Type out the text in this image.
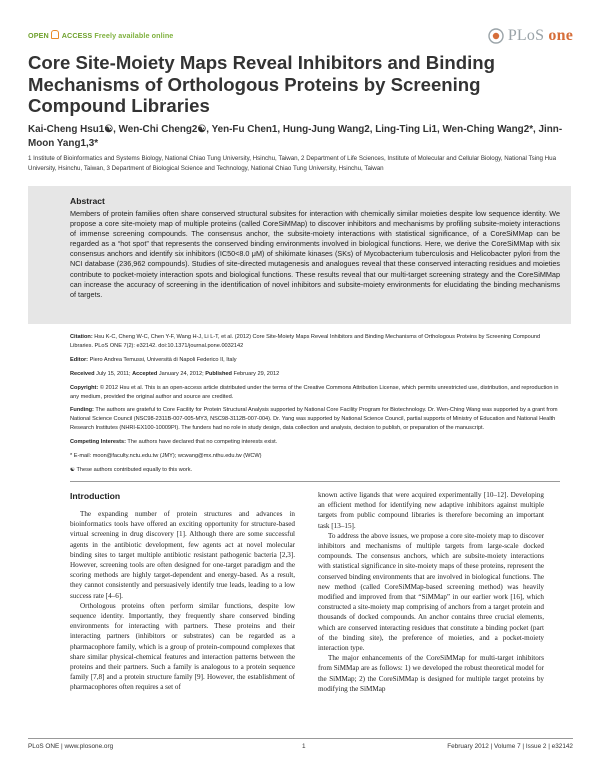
OPEN ACCESS Freely available online	PLoS one
Core Site-Moiety Maps Reveal Inhibitors and Binding Mechanisms of Orthologous Proteins by Screening Compound Libraries
Kai-Cheng Hsu1☯, Wen-Chi Cheng2☯, Yen-Fu Chen1, Hung-Jung Wang2, Ling-Ting Li1, Wen-Ching Wang2*, Jinn-Moon Yang1,3*
1 Institute of Bioinformatics and Systems Biology, National Chiao Tung University, Hsinchu, Taiwan, 2 Department of Life Sciences, Institute of Molecular and Cellular Biology, National Tsing Hua University, Hsinchu, Taiwan, 3 Department of Biological Science and Technology, National Chiao Tung University, Hsinchu, Taiwan
Abstract
Members of protein families often share conserved structural subsites for interaction with chemically similar moieties despite low sequence identity. We propose a core site-moiety map of multiple proteins (called CoreSiMMap) to discover inhibitors and mechanisms by profiling subsite-moiety interactions of immense screening compounds. The consensus anchor, the subsite-moiety interactions with statistical significance, of a CoreSiMMap can be regarded as a “hot spot” that represents the conserved binding environments involved in biological functions. Here, we derive the CoreSiMMap with six consensus anchors and identify six inhibitors (IC50<8.0 μM) of shikimate kinases (SKs) of Mycobacterium tuberculosis and Helicobacter pylori from the NCI database (236,962 compounds). Studies of site-directed mutagenesis and analogues reveal that these conserved interacting residues and moieties contribute to pocket-moiety interaction spots and biological functions. These results reveal that our multi-target screening strategy and the CoreSiMMap can increase the accuracy of screening in the identification of novel inhibitors and subsite-moiety environments for elucidating the binding mechanisms of targets.

Citation: Hsu K-C, Cheng W-C, Chen Y-F, Wang H-J, Li L-T, et al. (2012) Core Site-Moiety Maps Reveal Inhibitors and Binding Mechanisms of Orthologous Proteins by Screening Compound Libraries. PLoS ONE 7(2): e32142. doi:10.1371/journal.pone.0032142

Editor: Piero Andrea Temussi, Università di Napoli Federico II, Italy

Received July 15, 2011; Accepted January 24, 2012; Published February 29, 2012

Copyright: © 2012 Hsu et al. This is an open-access article distributed under the terms of the Creative Commons Attribution License, which permits unrestricted use, distribution, and reproduction in any medium, provided the original author and source are credited.

Funding: The authors are grateful to Core Facility for Protein Structural Analysis supported by National Core Facility Program for Biotechnology. Dr. Wen-Ching Wang was supported by a grant from National Science Council (NSC98-2311B-007-005-MY3, NSC98-3112B-007-004). Dr. Yang was supported by National Science Council, partial supports of Ministry of Education and National Health Research Institutes (NHRI-EX100-10009PI). The funders had no role in study design, data collection and analysis, decision to publish, or preparation of the manuscript.

Competing Interests: The authors have declared that no competing interests exist.

* E-mail: moon@faculty.nctu.edu.tw (JMY); wcwang@mx.nthu.edu.tw (WCW)

☯ These authors contributed equally to this work.

Introduction

The expanding number of protein structures and advances in bioinformatics tools have offered an exciting opportunity for structure-based virtual screening in drug discovery [1]. Although there are some successful agents in the antibiotic development, few agents act at novel molecular binding sites to target multiple antibiotic resistant pathogenic bacteria [2,3]. However, screening tools are often designed for one-target paradigm and the scoring methods are highly target-dependent and energy-based. As a result, they cannot consistently and persuasively identify true leads, leading to a low success rate [4–6].

Orthologous proteins often perform similar functions, despite low sequence identity. Importantly, they frequently share conserved binding environments for interacting with partners. These proteins and their interacting partners (inhibitors or substrates) can be regarded as a pharmacophore family, which is a group of protein-compound complexes that share similar physical-chemical features and interaction patterns between the proteins and their partners. Such a family is analogous to a protein sequence family [7,8] and a protein structure family [9]. However, the establishment of pharmacophores often requires a set of

known active ligands that were acquired experimentally [10–12]. Developing an efficient method for identifying new adaptive inhibitors against multiple targets from public compound libraries is therefore becoming an important task [13–15].

To address the above issues, we propose a core site-moiety map to discover inhibitors and mechanisms of multiple targets from large-scale docked compounds. The consensus anchors, which are subsite-moiety interactions with statistical significance in site-moiety maps of these proteins, represent the conserved binding environments that are involved in biological functions. The new method (called CoreSiMMap-based screening method) was heavily modified and improved from that “SiMMap” in our earlier work [16], which constructed a site-moiety map comprising of anchors from a target protein and thousands of docked compounds. An anchor contains three crucial elements, which are conserved interacting residues that constitute a binding pocket (part of the binding site), the preference of moieties, and a pocket-moiety interaction type.

The major enhancements of the CoreSiMMap for multi-target inhibitors from SiMMap are as follows: 1) we developed the robust theoretical model for the SiMMap; 2) the CoreSiMMap is designed for multiple target proteins by modifying the SiMMap

PLoS ONE | www.plosone.org	1	February 2012 | Volume 7 | Issue 2 | e32142
